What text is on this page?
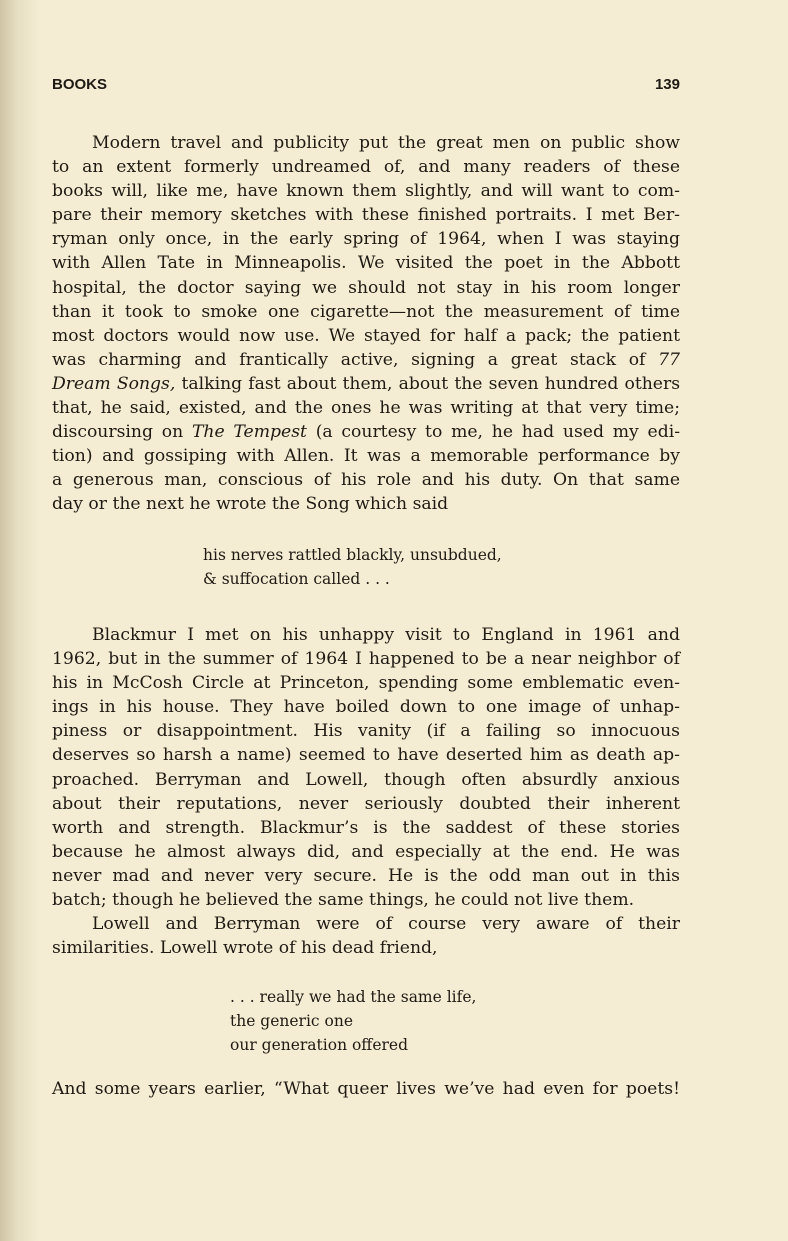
BOOKS	139
Modern travel and publicity put the great men on public show
to an extent formerly undreamed of, and many readers of these
books will, like me, have known them slightly, and will want to com-
pare their memory sketches with these finished portraits. I met Ber-
ryman only once, in the early spring of 1964, when I was staying
with Allen Tate in Minneapolis. We visited the poet in the Abbott
hospital, the doctor saying we should not stay in his room longer
than it took to smoke one cigarette—not the measurement of time
most doctors would now use. We stayed for half a pack; the patient
was charming and frantically active, signing a great stack of 77
Dream Songs, talking fast about them, about the seven hundred others
that, he said, existed, and the ones he was writing at that very time;
discoursing on The Tempest (a courtesy to me, he had used my edi-
tion) and gossiping with Allen. It was a memorable performance by
a generous man, conscious of his role and his duty. On that same
day or the next he wrote the Song which said
his nerves rattled blackly, unsubdued,
& suffocation called . . .
Blackmur I met on his unhappy visit to England in 1961 and
1962, but in the summer of 1964 I happened to be a near neighbor of
his in McCosh Circle at Princeton, spending some emblematic even-
ings in his house. They have boiled down to one image of unhap-
piness or disappointment. His vanity (if a failing so innocuous
deserves so harsh a name) seemed to have deserted him as death ap-
proached. Berryman and Lowell, though often absurdly anxious
about their reputations, never seriously doubted their inherent
worth and strength. Blackmur’s is the saddest of these stories
because he almost always did, and especially at the end. He was
never mad and never very secure. He is the odd man out in this
batch; though he believed the same things, he could not live them.
Lowell and Berryman were of course very aware of their
similarities. Lowell wrote of his dead friend,
. . . really we had the same life,
the generic one
our generation offered
And some years earlier, “What queer lives we’ve had even for poets!
